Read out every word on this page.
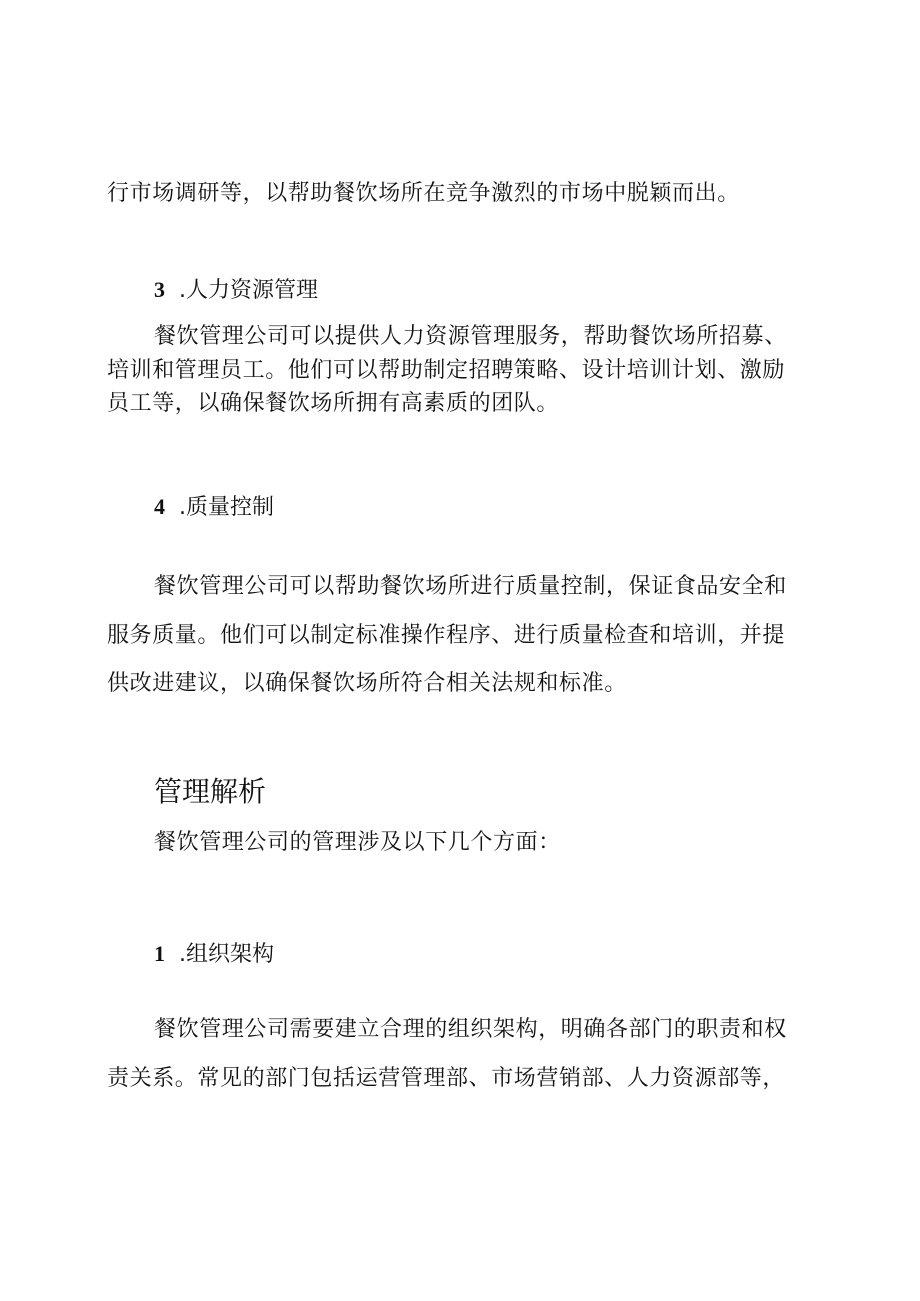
行市场调研等，以帮助餐饮场所在竞争激烈的市场中脱颖而出。
3 .人力资源管理
餐饮管理公司可以提供人力资源管理服务，帮助餐饮场所招募、
培训和管理员工。他们可以帮助制定招聘策略、设计培训计划、激励
员工等，以确保餐饮场所拥有高素质的团队。
4 .质量控制
餐饮管理公司可以帮助餐饮场所进行质量控制，保证食品安全和
服务质量。他们可以制定标准操作程序、进行质量检查和培训，并提
供改进建议，以确保餐饮场所符合相关法规和标准。
管理解析
餐饮管理公司的管理涉及以下几个方面：
1 .组织架构
餐饮管理公司需要建立合理的组织架构，明确各部门的职责和权
责关系。常见的部门包括运营管理部、市场营销部、人力资源部等，
